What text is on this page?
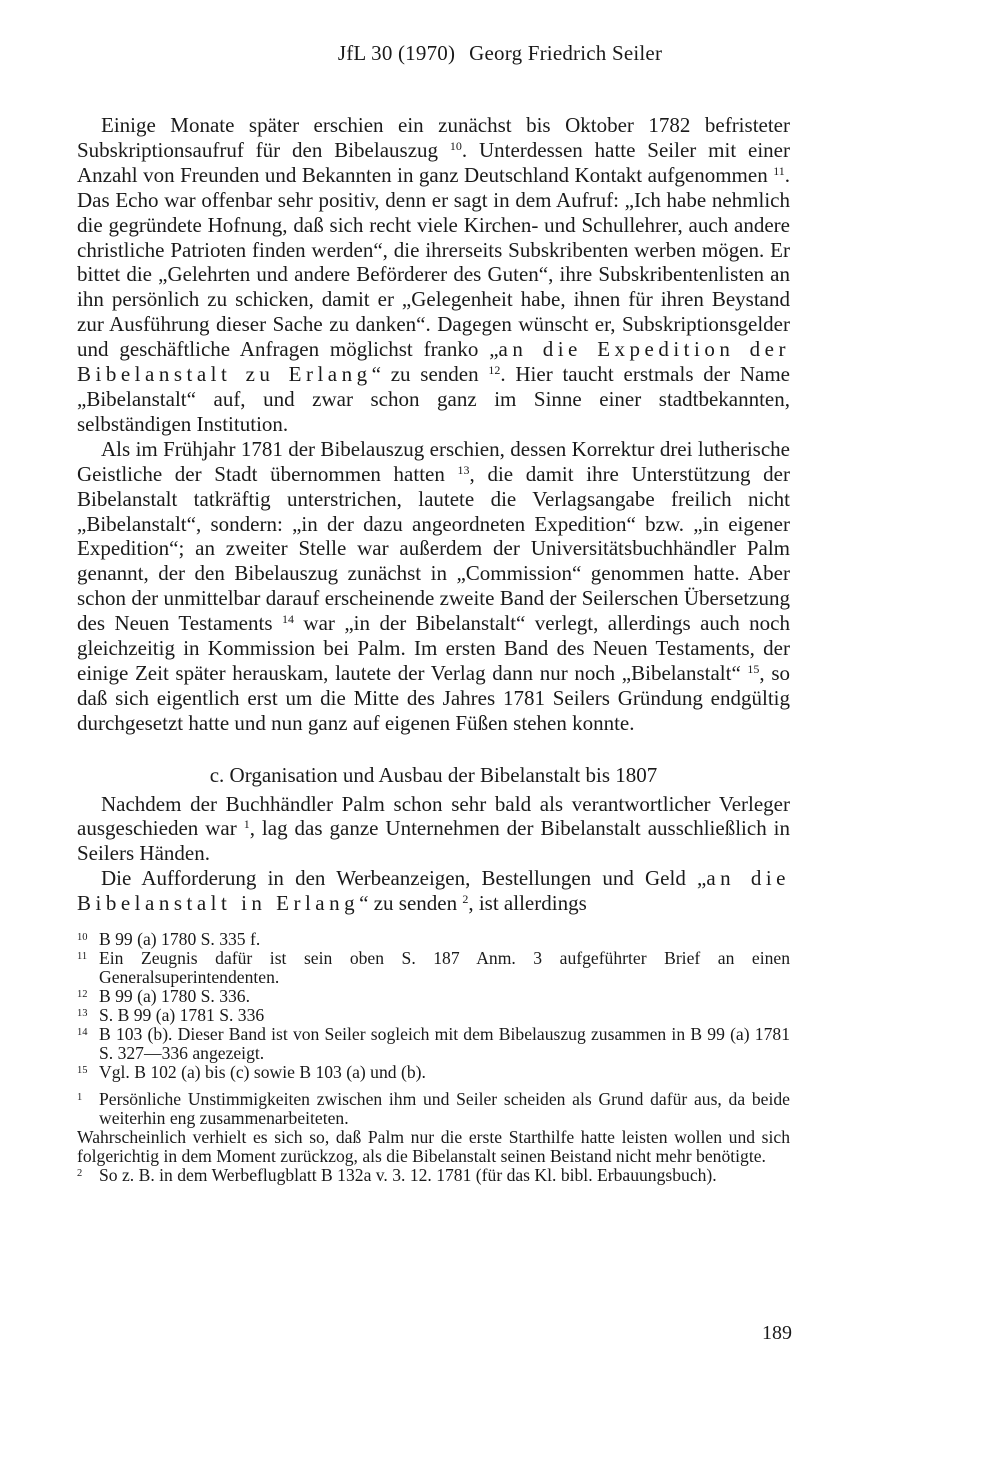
JfL 30 (1970) Georg Friedrich Seiler

Einige Monate später erschien ein zunächst bis Oktober 1782 befristeter Subskriptionsaufruf für den Bibelauszug $^{10}$. Unterdessen hatte Seiler mit einer Anzahl von Freunden und Bekannten in ganz Deutschland Kontakt aufgenommen $^{11}$. Das Echo war offenbar sehr positiv, denn er sagt in dem Aufruf: „Ich habe nehmlich die gegründete Hofnung, daß sich recht viele Kirchen- und Schullehrer, auch andere christliche Patrioten finden werden“, die ihrerseits Subskribenten werben mögen. Er bittet die „Gelehrten und andere Beförderer des Guten“, ihre Subskribentenlisten an ihn persönlich zu schicken, damit er „Gelegenheit habe, ihnen für ihren Beystand zur Ausführung dieser Sache zu danken“. Dagegen wünscht er, Subskriptionsgelder und geschäftliche Anfragen möglichst franko „an die Expedition der Bibelanstalt zu Erlang“ zu senden $^{12}$. Hier taucht erstmals der Name „Bibelanstalt“ auf, und zwar schon ganz im Sinne einer stadtbekannten, selbständigen Institution.

Als im Frühjahr 1781 der Bibelauszug erschien, dessen Korrektur drei lutherische Geistliche der Stadt übernommen hatten $^{13}$, die damit ihre Unterstützung der Bibelanstalt tatkräftig unterstrichen, lautete die Verlagsangabe freilich nicht „Bibelanstalt“, sondern: „in der dazu angeordneten Expedition“ bzw. „in eigener Expedition“; an zweiter Stelle war außerdem der Universitätsbuchhändler Palm genannt, der den Bibelauszug zunächst in „Commission“ genommen hatte. Aber schon der unmittelbar darauf erscheinende zweite Band der Seilerschen Übersetzung des Neuen Testaments $^{14}$ war „in der Bibelanstalt“ verlegt, allerdings auch noch gleichzeitig in Kommission bei Palm. Im ersten Band des Neuen Testaments, der einige Zeit später herauskam, lautete der Verlag dann nur noch „Bibelanstalt“ $^{15}$, so daß sich eigentlich erst um die Mitte des Jahres 1781 Seilers Gründung endgültig durchgesetzt hatte und nun ganz auf eigenen Füßen stehen konnte.

c. Organisation und Ausbau der Bibelanstalt bis 1807

Nachdem der Buchhändler Palm schon sehr bald als verantwortlicher Verleger ausgeschieden war $^1$, lag das ganze Unternehmen der Bibelanstalt ausschließlich in Seilers Händen.

Die Aufforderung in den Werbeanzeigen, Bestellungen und Geld „an die Bibelanstalt in Erlang“ zu senden $^2$, ist allerdings

10 B 99 (a) 1780 S. 335 f.

11 Ein Zeugnis dafür ist sein oben S. 187 Anm. 3 aufgeführter Brief an einen Generalsuperintendenten.

12 B 99 (a) 1780 S. 336.

13 S. B 99 (a) 1781 S. 336

14 B 103 (b). Dieser Band ist von Seiler sogleich mit dem Bibelauszug zusammen in B 99 (a) 1781 S. 327—336 angezeigt.

15 Vgl. B 102 (a) bis (c) sowie B 103 (a) und (b).

1 Persönliche Unstimmigkeiten zwischen ihm und Seiler scheiden als Grund dafür aus, da beide weiterhin eng zusammenarbeiteten.

Wahrscheinlich verhielt es sich so, daß Palm nur die erste Starthilfe hatte leisten wollen und sich folgerichtig in dem Moment zurückzog, als die Bibelanstalt seinen Beistand nicht mehr benötigte.

2 So z. B. in dem Werbeflugblatt B 132a v. 3. 12. 1781 (für das Kl. bibl. Erbauungsbuch).

189
